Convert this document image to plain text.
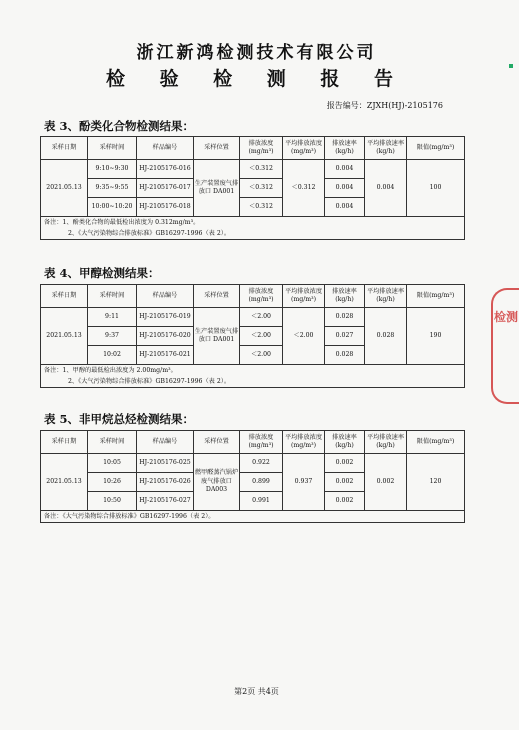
浙江新鸿检测技术有限公司
检 验 检 测 报 告
报告编号：ZJXH(HJ)-2105176
表 3、酚类化合物检测结果：
采样日期	采样时间	样品编号	采样位置	排放浓度(mg/m³)	平均排放浓度(mg/m³)	排放速率(kg/h)	平均排放速率(kg/h)	限值(mg/m³)
2021.05.13	9:10~9:30	HJ-2105176-016	生产装置废气排放口 DA001	＜0.312	＜0.312	0.004	0.004	100
	9:35~9:55	HJ-2105176-017		＜0.312		0.004		
	10:00~10:20	HJ-2105176-018		＜0.312		0.004		

备注：1、酚类化合物的最低检出浓度为 0.312mg/m³。
2、《大气污染物综合排放标准》GB16297-1996（表 2）。								
表 4、甲醇检测结果：
采样日期	采样时间	样品编号	采样位置	排放浓度(mg/m³)	平均排放浓度(mg/m³)	排放速率(kg/h)	平均排放速率(kg/h)	限值(mg/m³)
2021.05.13	9:11	HJ-2105176-019	生产装置废气排放口 DA001	＜2.00	＜2.00	0.028	0.028	190
	9:37	HJ-2105176-020		＜2.00		0.027		
	10:02	HJ-2105176-021		＜2.00		0.028		

备注：1、甲醇的最低检出浓度为 2.00mg/m³。
2、《大气污染物综合排放标准》GB16297-1996（表 2）。								
表 5、非甲烷总烃检测结果：
采样日期	采样时间	样品编号	采样位置	排放浓度(mg/m³)	平均排放浓度(mg/m³)	排放速率(kg/h)	平均排放速率(kg/h)	限值(mg/m³)
2021.05.13	10:05	HJ-2105176-025	燃甲醛蒸汽锅炉废气排放口 DA003	0.922	0.937	0.002	0.002	120
	10:26	HJ-2105176-026		0.899		0.002		
	10:50	HJ-2105176-027		0.991		0.002		

备注：《大气污染物综合排放标准》GB16297-1996（表 2）。								
检测
第2页 共4页
